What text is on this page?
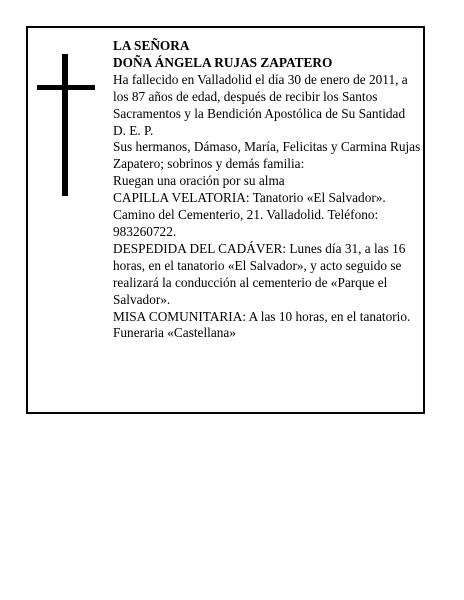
LA SEÑORA

DOÑA ÁNGELA RUJAS ZAPATERO

Ha fallecido en Valladolid el día 30 de enero de 2011, a los 87 años de edad, después de recibir los Santos Sacramentos y la Bendición Apostólica de Su Santidad D. E. P.

Sus hermanos, Dámaso, María, Felicitas y Carmina Rujas Zapatero; sobrinos y demás familia:

Ruegan una oración por su alma

CAPILLA VELATORIA: Tanatorio «El Salvador». Camino del Cementerio, 21. Valladolid. Teléfono: 983260722.

DESPEDIDA DEL CADÁVER: Lunes día 31, a las 16 horas, en el tanatorio «El Salvador», y acto seguido se realizará la conducción al cementerio de «Parque el Salvador».

MISA COMUNITARIA: A las 10 horas, en el tanatorio.

Funeraria «Castellana»
